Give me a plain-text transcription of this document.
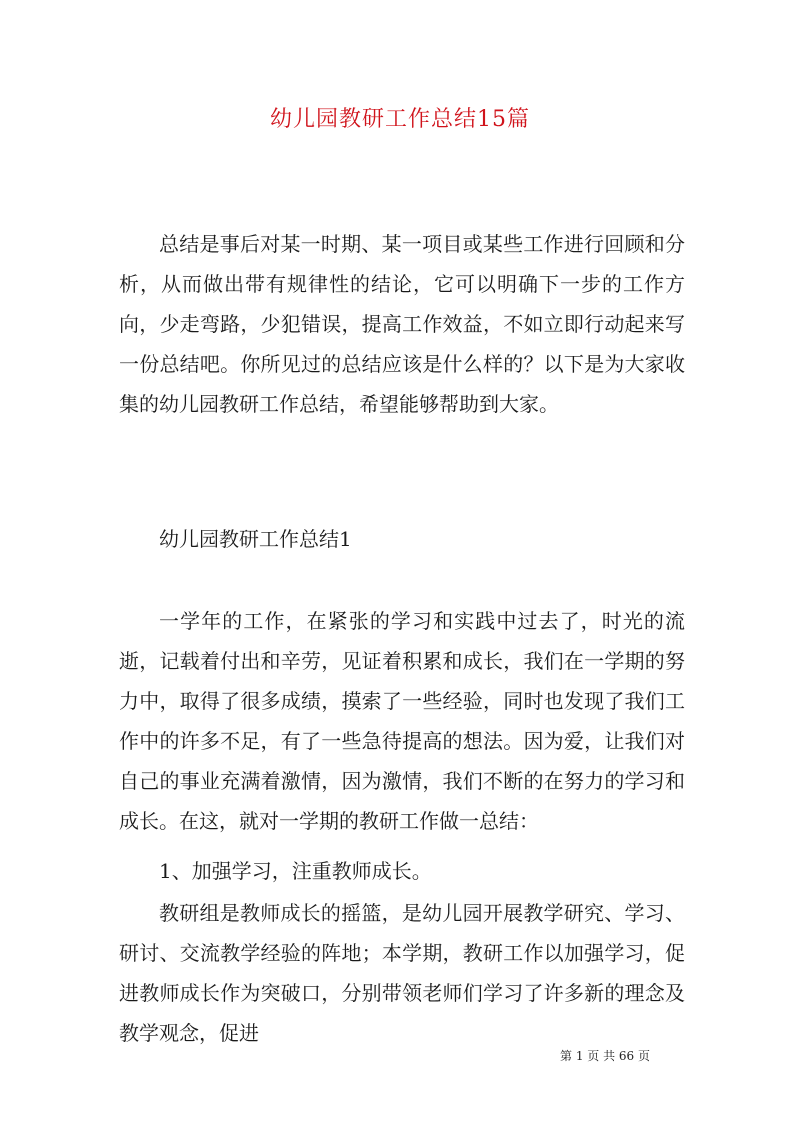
幼儿园教研工作总结15篇

总结是事后对某一时期、某一项目或某些工作进行回顾和分析，从而做出带有规律性的结论，它可以明确下一步的工作方向，少走弯路，少犯错误，提高工作效益，不如立即行动起来写一份总结吧。你所见过的总结应该是什么样的？以下是为大家收集的幼儿园教研工作总结，希望能够帮助到大家。

幼儿园教研工作总结1

一学年的工作，在紧张的学习和实践中过去了，时光的流逝，记载着付出和辛劳，见证着积累和成长，我们在一学期的努力中，取得了很多成绩，摸索了一些经验，同时也发现了我们工作中的许多不足，有了一些急待提高的想法。因为爱，让我们对自己的事业充满着激情，因为激情，我们不断的在努力的学习和成长。在这，就对一学期的教研工作做一总结：

1、加强学习，注重教师成长。

教研组是教师成长的摇篮，是幼儿园开展教学研究、学习、研讨、交流教学经验的阵地；本学期，教研工作以加强学习，促进教师成长作为突破口，分别带领老师们学习了许多新的理念及教学观念，促进

第 1 页 共 66 页
